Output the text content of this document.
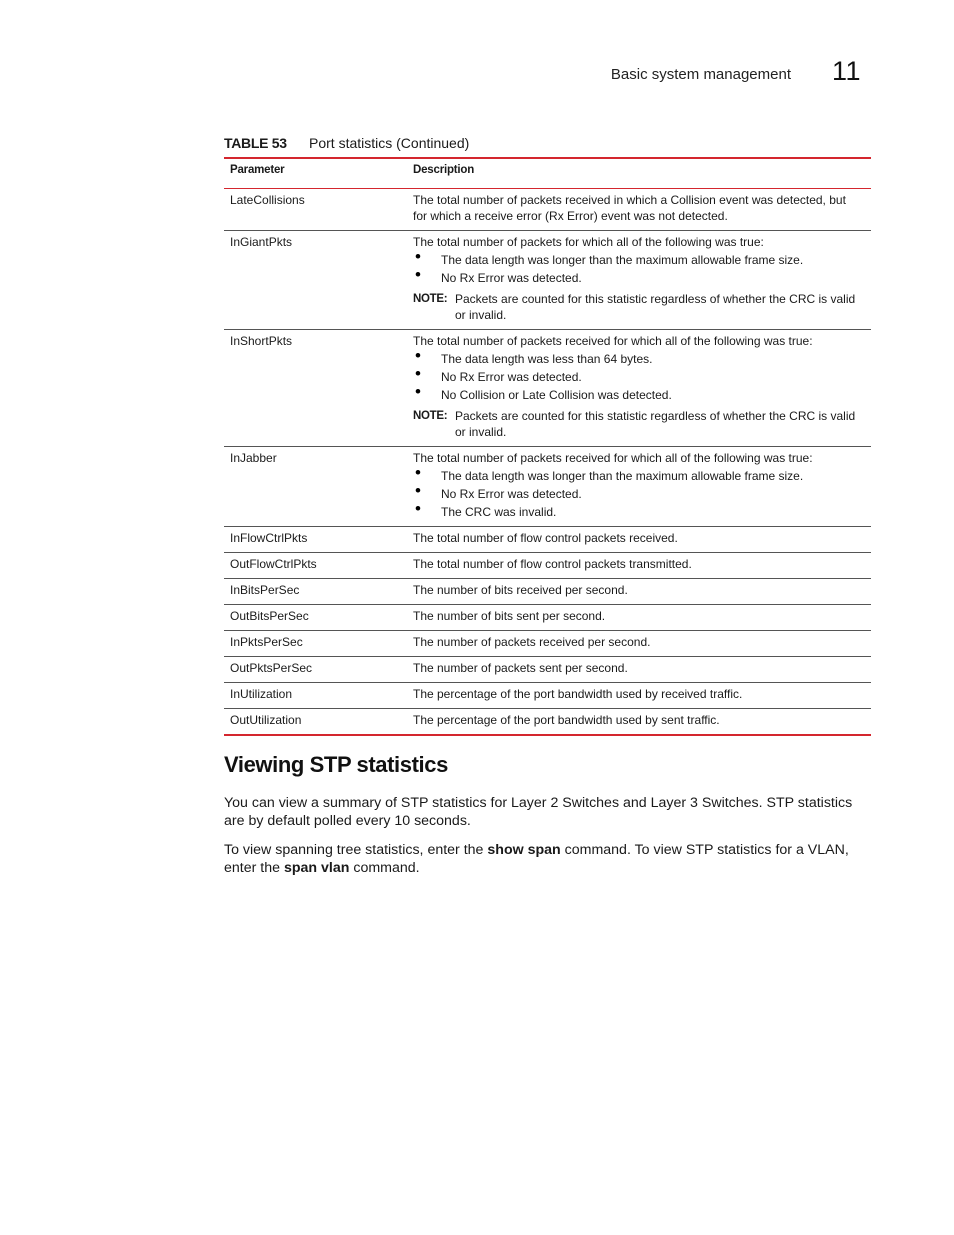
Basic system management 11
TABLE 53 Port statistics (Continued)
Parameter	Description
LateCollisions	The total number of packets received in which a Collision event was detected, but for which a receive error (Rx Error) event was not detected.
InGiantPkts	The total number of packets for which all of the following was true:
• The data length was longer than the maximum allowable frame size.
• No Rx Error was detected.
NOTE: Packets are counted for this statistic regardless of whether the CRC is valid or invalid.
InShortPkts	The total number of packets received for which all of the following was true:
• The data length was less than 64 bytes.
• No Rx Error was detected.
• No Collision or Late Collision was detected.
NOTE: Packets are counted for this statistic regardless of whether the CRC is valid or invalid.
InJabber	The total number of packets received for which all of the following was true:
• The data length was longer than the maximum allowable frame size.
• No Rx Error was detected.
• The CRC was invalid.
InFlowCtrlPkts	The total number of flow control packets received.
OutFlowCtrlPkts	The total number of flow control packets transmitted.
InBitsPerSec	The number of bits received per second.
OutBitsPerSec	The number of bits sent per second.
InPktsPerSec	The number of packets received per second.
OutPktsPerSec	The number of packets sent per second.
InUtilization	The percentage of the port bandwidth used by received traffic.
OutUtilization	The percentage of the port bandwidth used by sent traffic.
Viewing STP statistics

You can view a summary of STP statistics for Layer 2 Switches and Layer 3 Switches. STP statistics are by default polled every 10 seconds.

To view spanning tree statistics, enter the show span command. To view STP statistics for a VLAN, enter the span vlan command.
